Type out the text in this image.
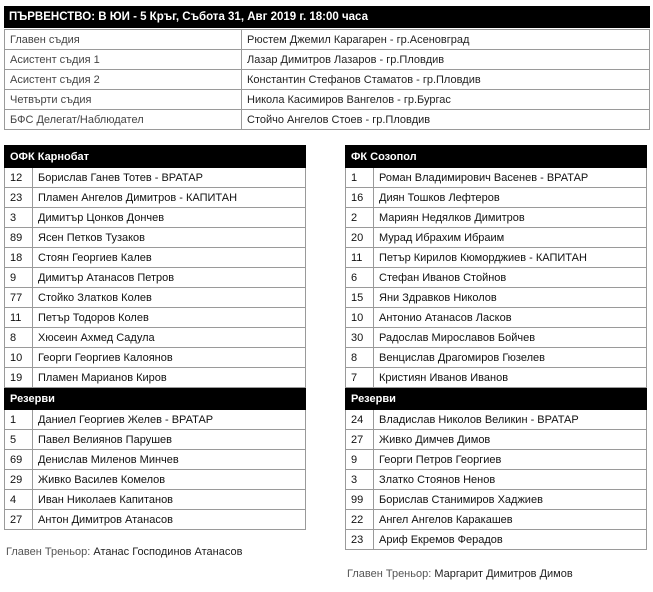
ПЪРВЕНСТВО: В ЮИ - 5 Кръг, Събота 31, Авг 2019 г. 18:00 часа
Главен съдия	Рюстем Джемил Карагарен - гр.Асеновград
Асистент съдия 1	Лазар Димитров Лазаров - гр.Пловдив
Асистент съдия 2	Константин Стефанов Стаматов - гр.Пловдив
Четвърти съдия	Никола Касимиров Вангелов - гр.Бургас
БФС Делегат/Наблюдател	Стойчо Ангелов Стоев - гр.Пловдив
ОФК Карнобат	
12	Борислав Ганев Тотев - ВРАТАР
23	Пламен Ангелов Димитров - КАПИТАН
3	Димитър Цонков Дончев
89	Ясен Петков Тузаков
18	Стоян Георгиев Калев
9	Димитър Атанасов Петров
77	Стойко Златков Колев
11	Петър Тодоров Колев
8	Хюсеин Ахмед Садула
10	Георги Георгиев Калоянов
19	Пламен Марианов Киров
Резерви	
1	Даниел Георгиев Желев - ВРАТАР
5	Павел Велиянов Парушев
69	Денислав Миленов Минчев
29	Живко Василев Комелов
4	Иван Николаев Капитанов
27	Антон Димитров Атанасов
ФК Созопол	
1	Роман Владимирович Васенев - ВРАТАР
16	Диян Тошков Лефтеров
2	Мариян Недялков Димитров
20	Мурад Ибрахим Ибраим
11	Петър Кирилов Кюморджиев - КАПИТАН
6	Стефан Иванов Стойнов
15	Яни Здравков Николов
10	Антонио Атанасов Ласков
30	Радослав Мирославов Бойчев
8	Венцислав Драгомиров Гюзелев
7	Кристиян Иванов Иванов
Резерви	
24	Владислав Николов Великин - ВРАТАР
27	Живко Димчев Димов
9	Георги Петров Георгиев
3	Златко Стоянов Ненов
99	Борислав Станимиров Хаджиев
22	Ангел Ангелов Каракашев
23	Ариф Екремов Ферадов
Главен Треньор: Атанас Господинов Атанасов
Главен Треньор: Маргарит Димитров Димов
